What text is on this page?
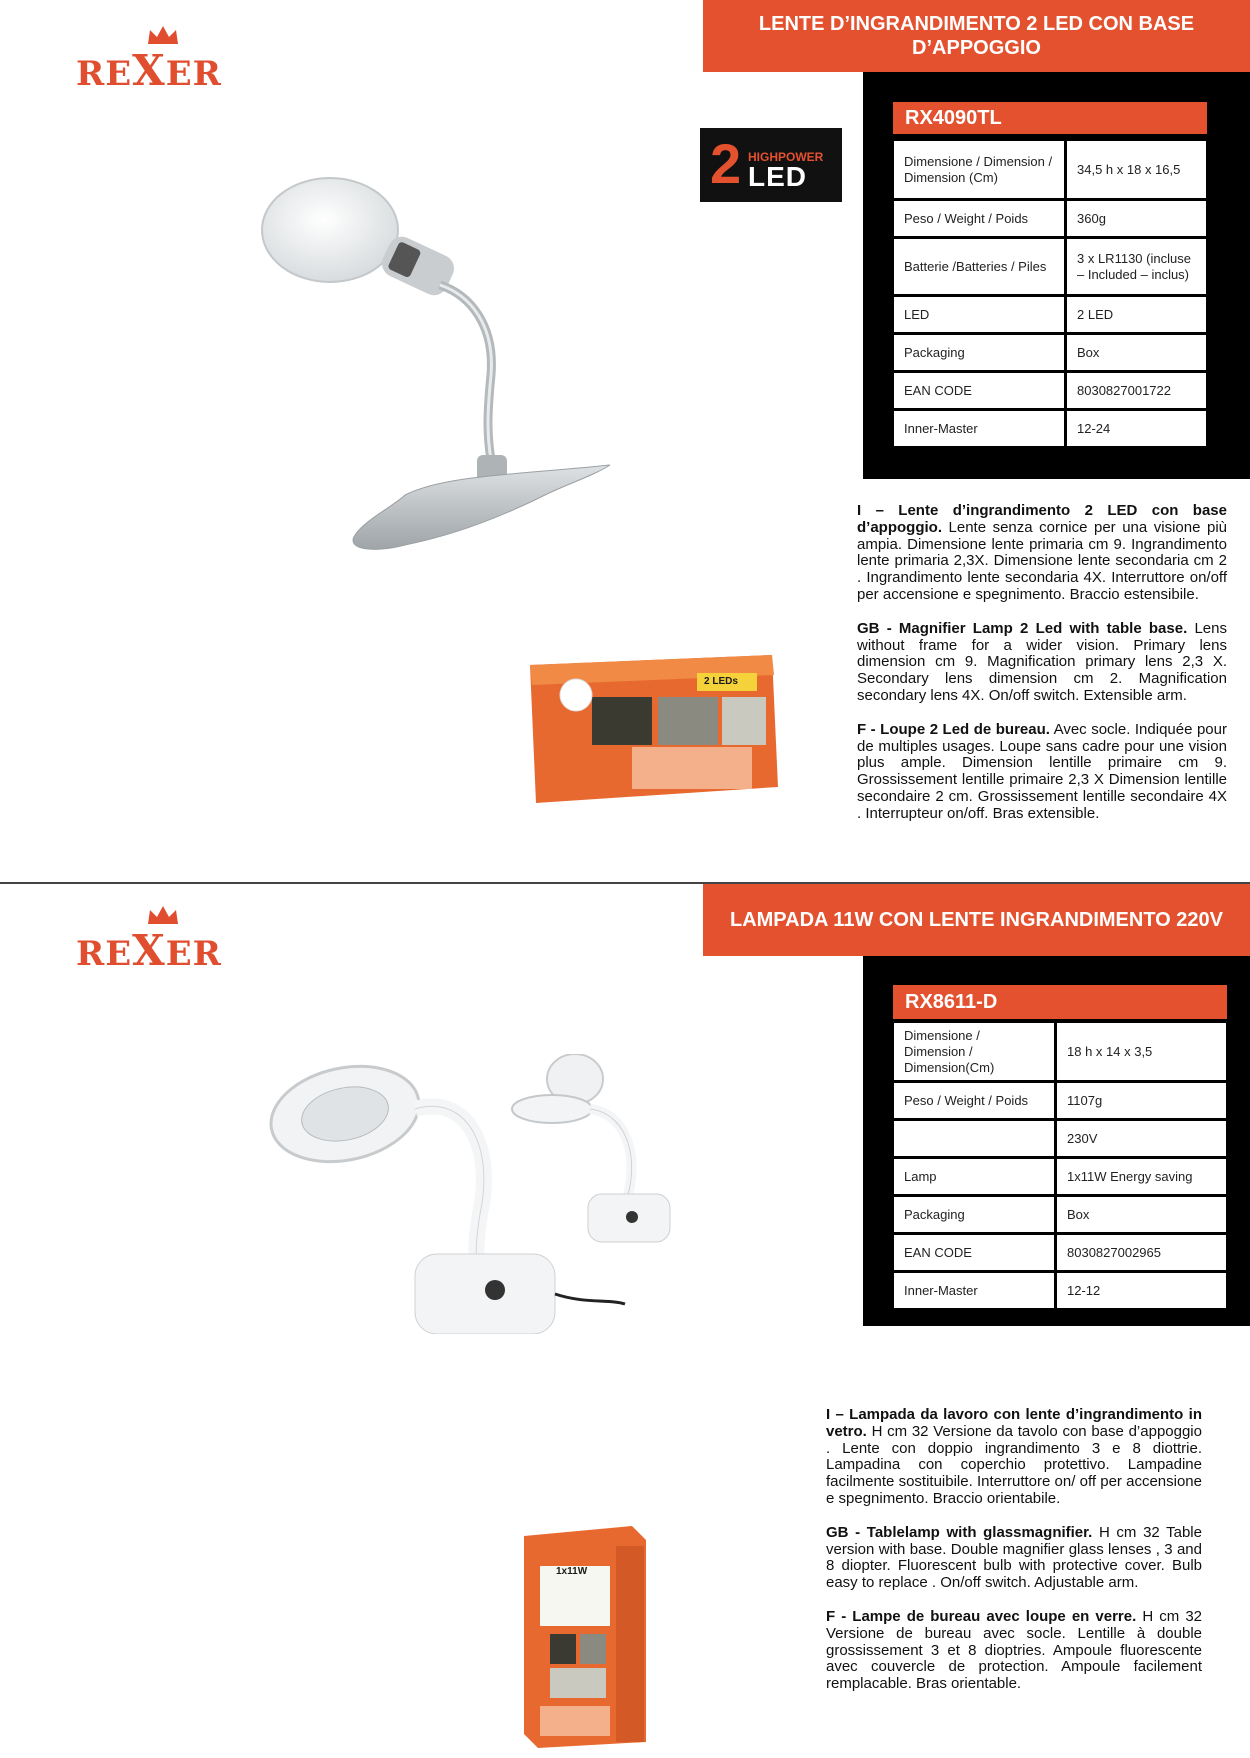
REXER
LENTE D’INGRANDIMENTO 2 LED CON BASE D’APPOGGIO
2 HIGHPOWER
LED
2 LEDs
RX4090TL
Dimensione / Dimension / Dimension (Cm)	34,5 h x 18 x 16,5
Peso / Weight / Poids	360g
Batterie /Batteries / Piles	3 x LR1130 (incluse – Included – inclus)
LED	2 LED
Packaging	Box
EAN CODE	8030827001722
Inner-Master	12-24

I – Lente d’ingrandimento 2 LED con base d’appoggio. Lente senza cornice per una visione più ampia. Dimensione lente primaria cm 9. Ingrandimento lente primaria 2,3X. Dimensione lente secondaria cm 2 . Ingrandimento lente secondaria 4X. Interruttore on/off per accensione e spegnimento. Braccio estensibile.

GB - Magnifier Lamp 2 Led with table base. Lens without frame for a wider vision. Primary lens dimension cm 9. Magnification primary lens 2,3 X. Secondary lens dimension cm 2. Magnification secondary lens 4X. On/off switch. Extensible arm.

F - Loupe 2 Led de bureau. Avec socle. Indiquée pour de multiples usages. Loupe sans cadre pour une vision plus ample. Dimension lentille primaire cm 9. Grossissement lentille primaire 2,3 X Dimension lentille secondaire 2 cm. Grossissement lentille secondaire 4X . Interrupteur on/off. Bras extensible.

REXER
LAMPADA 11W CON LENTE INGRANDIMENTO 220V
1x11W
RX8611-D
Dimensione / Dimension / Dimension(Cm)	18 h x 14 x 3,5
Peso / Weight / Poids	1107g
	230V
Lamp	1x11W Energy saving
Packaging	Box
EAN CODE	8030827002965
Inner-Master	12-12

I – Lampada da lavoro con lente d’ingrandimento in vetro. H cm 32 Versione da tavolo con base d’appoggio . Lente con doppio ingrandimento 3 e 8 diottrie. Lampadina con coperchio protettivo. Lampadine facilmente sostituibile. Interruttore on/ off per accensione e spegnimento. Braccio orientabile.

GB - Tablelamp with glassmagnifier. H cm 32 Table version with base. Double magnifier glass lenses , 3 and 8 diopter. Fluorescent bulb with protective cover. Bulb easy to replace . On/off switch. Adjustable arm.

F - Lampe de bureau avec loupe en verre. H cm 32 Versione de bureau avec socle. Lentille à double grossissement 3 et 8 dioptries. Ampoule fluorescente avec couvercle de protection. Ampoule facilement remplacable. Bras orientable.
